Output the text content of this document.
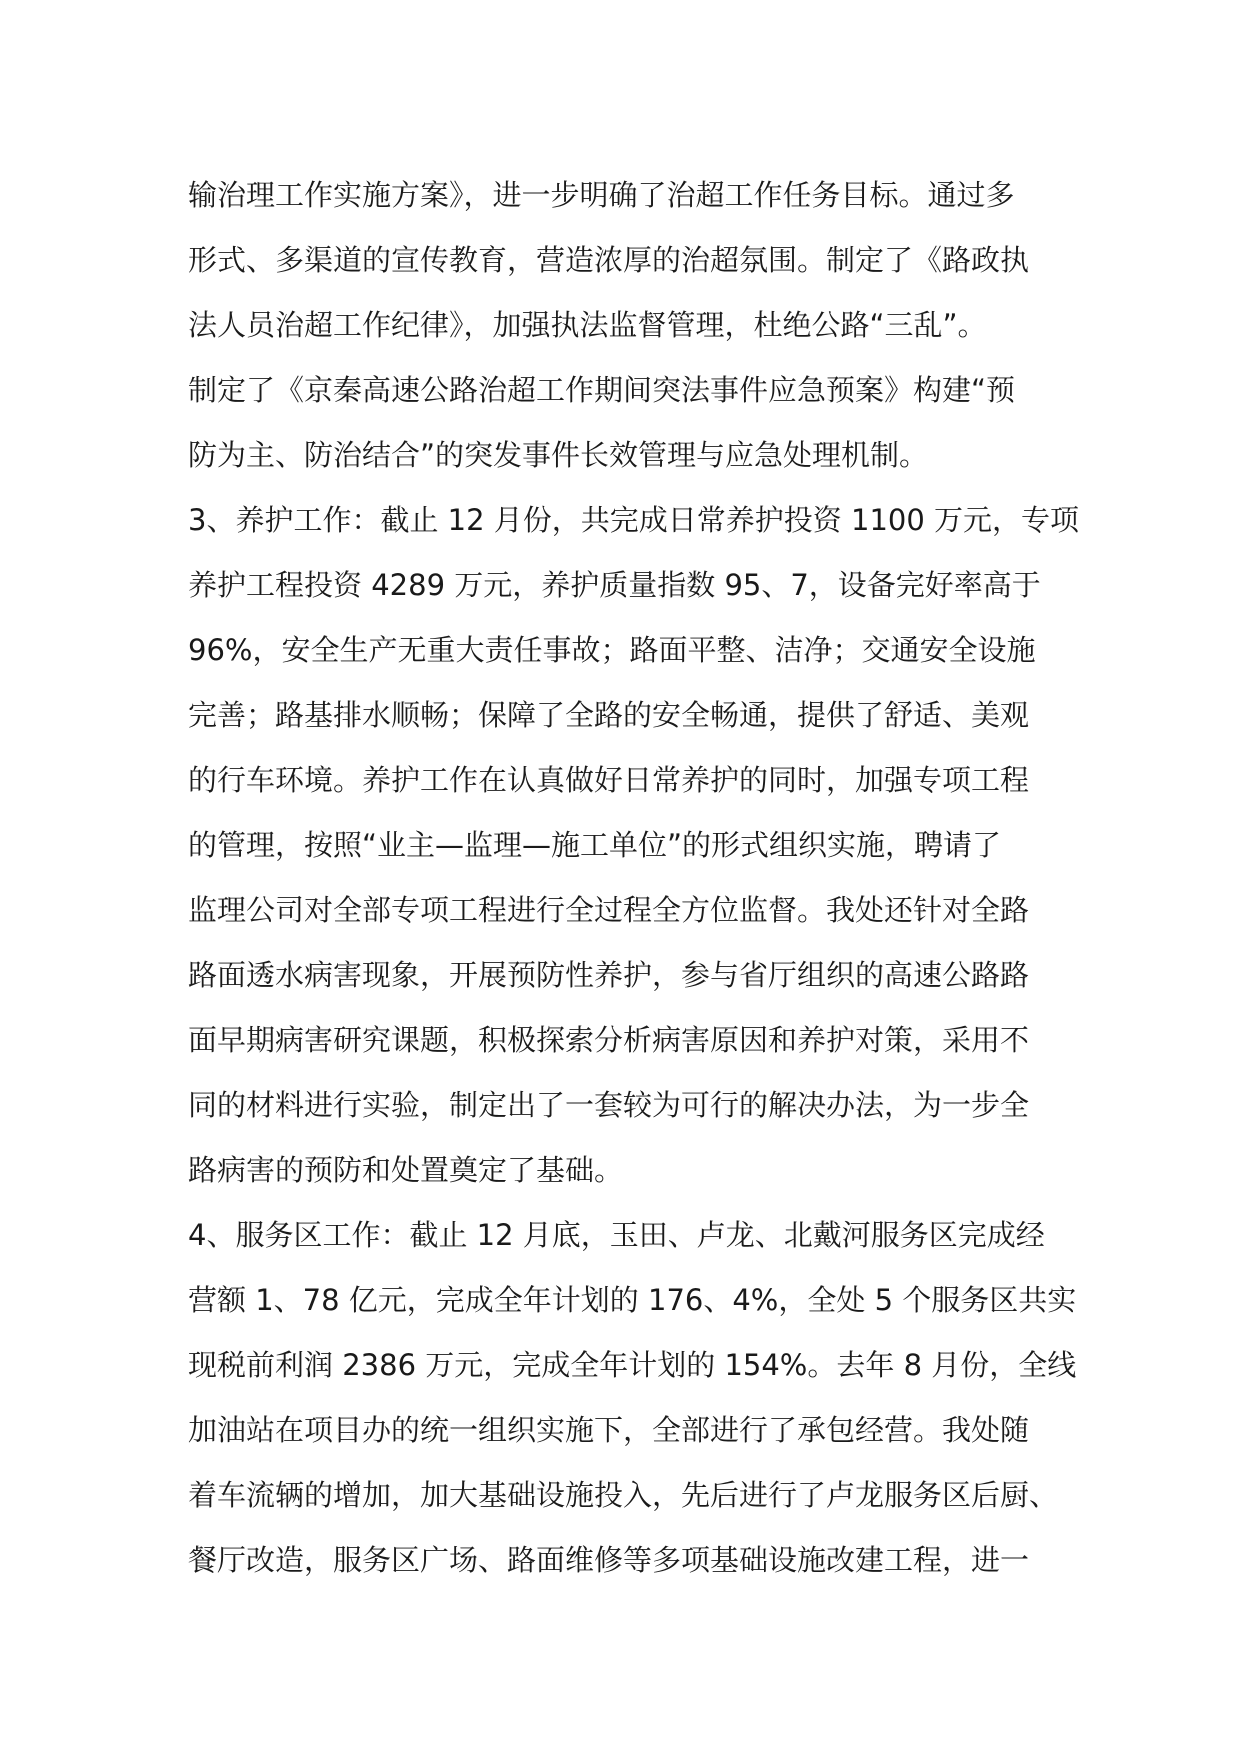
输治理工作实施方案》，进一步明确了治超工作任务目标。通过多
形式、多渠道的宣传教育，营造浓厚的治超氛围。制定了《路政执
法人员治超工作纪律》，加强执法监督管理，杜绝公路“三乱”。
制定了《京秦高速公路治超工作期间突法事件应急预案》构建“预
防为主、防治结合”的突发事件长效管理与应急处理机制。
3、养护工作：截止 12 月份，共完成日常养护投资 1100 万元，专项
养护工程投资 4289 万元，养护质量指数 95、7，设备完好率高于
96%，安全生产无重大责任事故；路面平整、洁净；交通安全设施
完善；路基排水顺畅；保障了全路的安全畅通，提供了舒适、美观
的行车环境。养护工作在认真做好日常养护的同时，加强专项工程
的管理，按照“业主—监理—施工单位”的形式组织实施，聘请了
监理公司对全部专项工程进行全过程全方位监督。我处还针对全路
路面透水病害现象，开展预防性养护，参与省厅组织的高速公路路
面早期病害研究课题，积极探索分析病害原因和养护对策，采用不
同的材料进行实验，制定出了一套较为可行的解决办法，为一步全
路病害的预防和处置奠定了基础。
4、服务区工作：截止 12 月底，玉田、卢龙、北戴河服务区完成经
营额 1、78 亿元，完成全年计划的 176、4%，全处 5 个服务区共实
现税前利润 2386 万元，完成全年计划的 154%。去年 8 月份，全线
加油站在项目办的统一组织实施下，全部进行了承包经营。我处随
着车流辆的增加，加大基础设施投入，先后进行了卢龙服务区后厨、
餐厅改造，服务区广场、路面维修等多项基础设施改建工程，进一
